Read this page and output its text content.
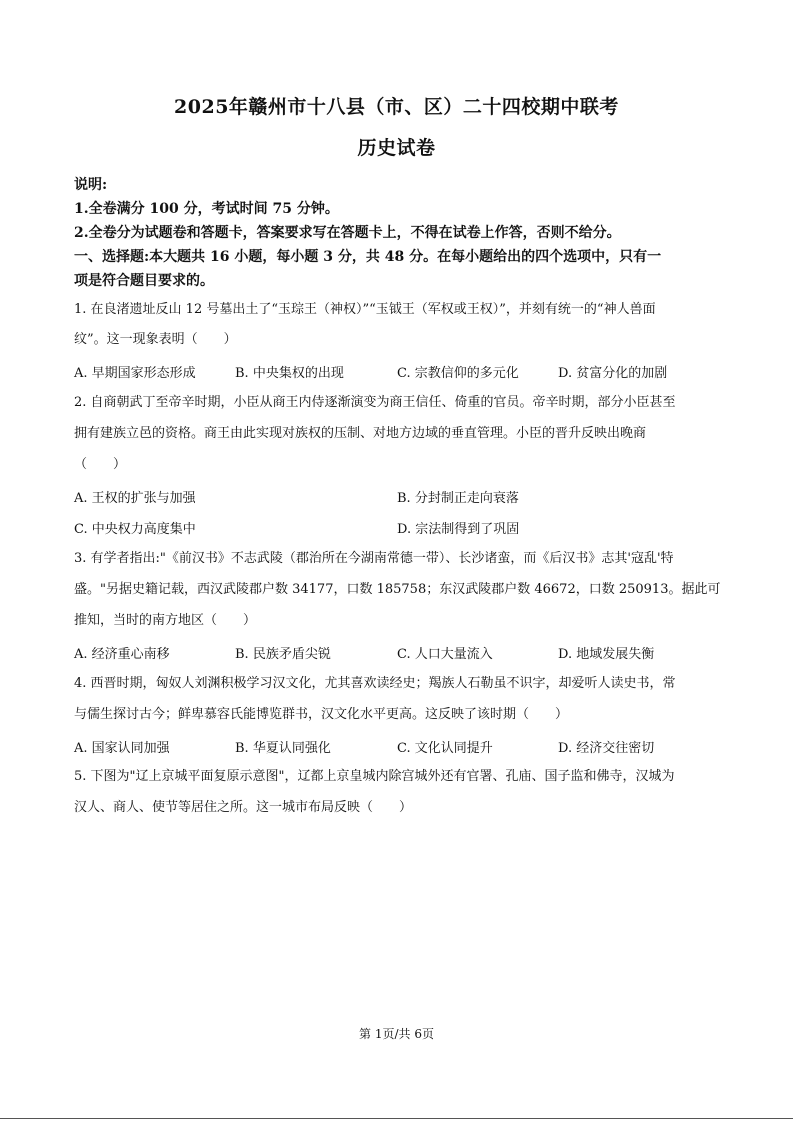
2025年赣州市十八县（市、区）二十四校期中联考
历史试卷
说明:
1.全卷满分 100 分，考试时间 75 分钟。
2.全卷分为试题卷和答题卡，答案要求写在答题卡上，不得在试卷上作答，否则不给分。
一、选择题:本大题共 16 小题，每小题 3 分，共 48 分。在每小题给出的四个选项中，只有一
项是符合题目要求的。
1. 在良渚遗址反山 12 号墓出土了“玉琮王（神权）”“玉钺王（军权或王权）”，并刻有统一的“神人兽面
纹”。这一现象表明（　　）
A. 早期国家形态形成	B. 中央集权的出现	C. 宗教信仰的多元化	D. 贫富分化的加剧
2. 自商朝武丁至帝辛时期，小臣从商王内侍逐渐演变为商王信任、倚重的官员。帝辛时期，部分小臣甚至
拥有建族立邑的资格。商王由此实现对族权的压制、对地方边域的垂直管理。小臣的晋升反映出晚商
（　　）
A. 王权的扩张与加强	B. 分封制正走向衰落
C. 中央权力高度集中	D. 宗法制得到了巩固
3. 有学者指出:"《前汉书》不志武陵（郡治所在今湖南常德一带）、长沙诸蛮，而《后汉书》志其'寇乱'特
盛。"另据史籍记载，西汉武陵郡户数 34177，口数 185758；东汉武陵郡户数 46672，口数 250913。据此可
推知，当时的南方地区（　　）
A. 经济重心南移	B. 民族矛盾尖锐	C. 人口大量流入	D. 地域发展失衡
4. 西晋时期，匈奴人刘渊积极学习汉文化，尤其喜欢读经史；羯族人石勒虽不识字，却爱听人读史书，常
与儒生探讨古今；鲜卑慕容氏能博览群书，汉文化水平更高。这反映了该时期（　　）
A. 国家认同加强	B. 华夏认同强化	C. 文化认同提升	D. 经济交往密切
5. 下图为"辽上京城平面复原示意图"，辽都上京皇城内除宫城外还有官署、孔庙、国子监和佛寺，汉城为
汉人、商人、使节等居住之所。这一城市布局反映（　　）
第 1页/共 6页
